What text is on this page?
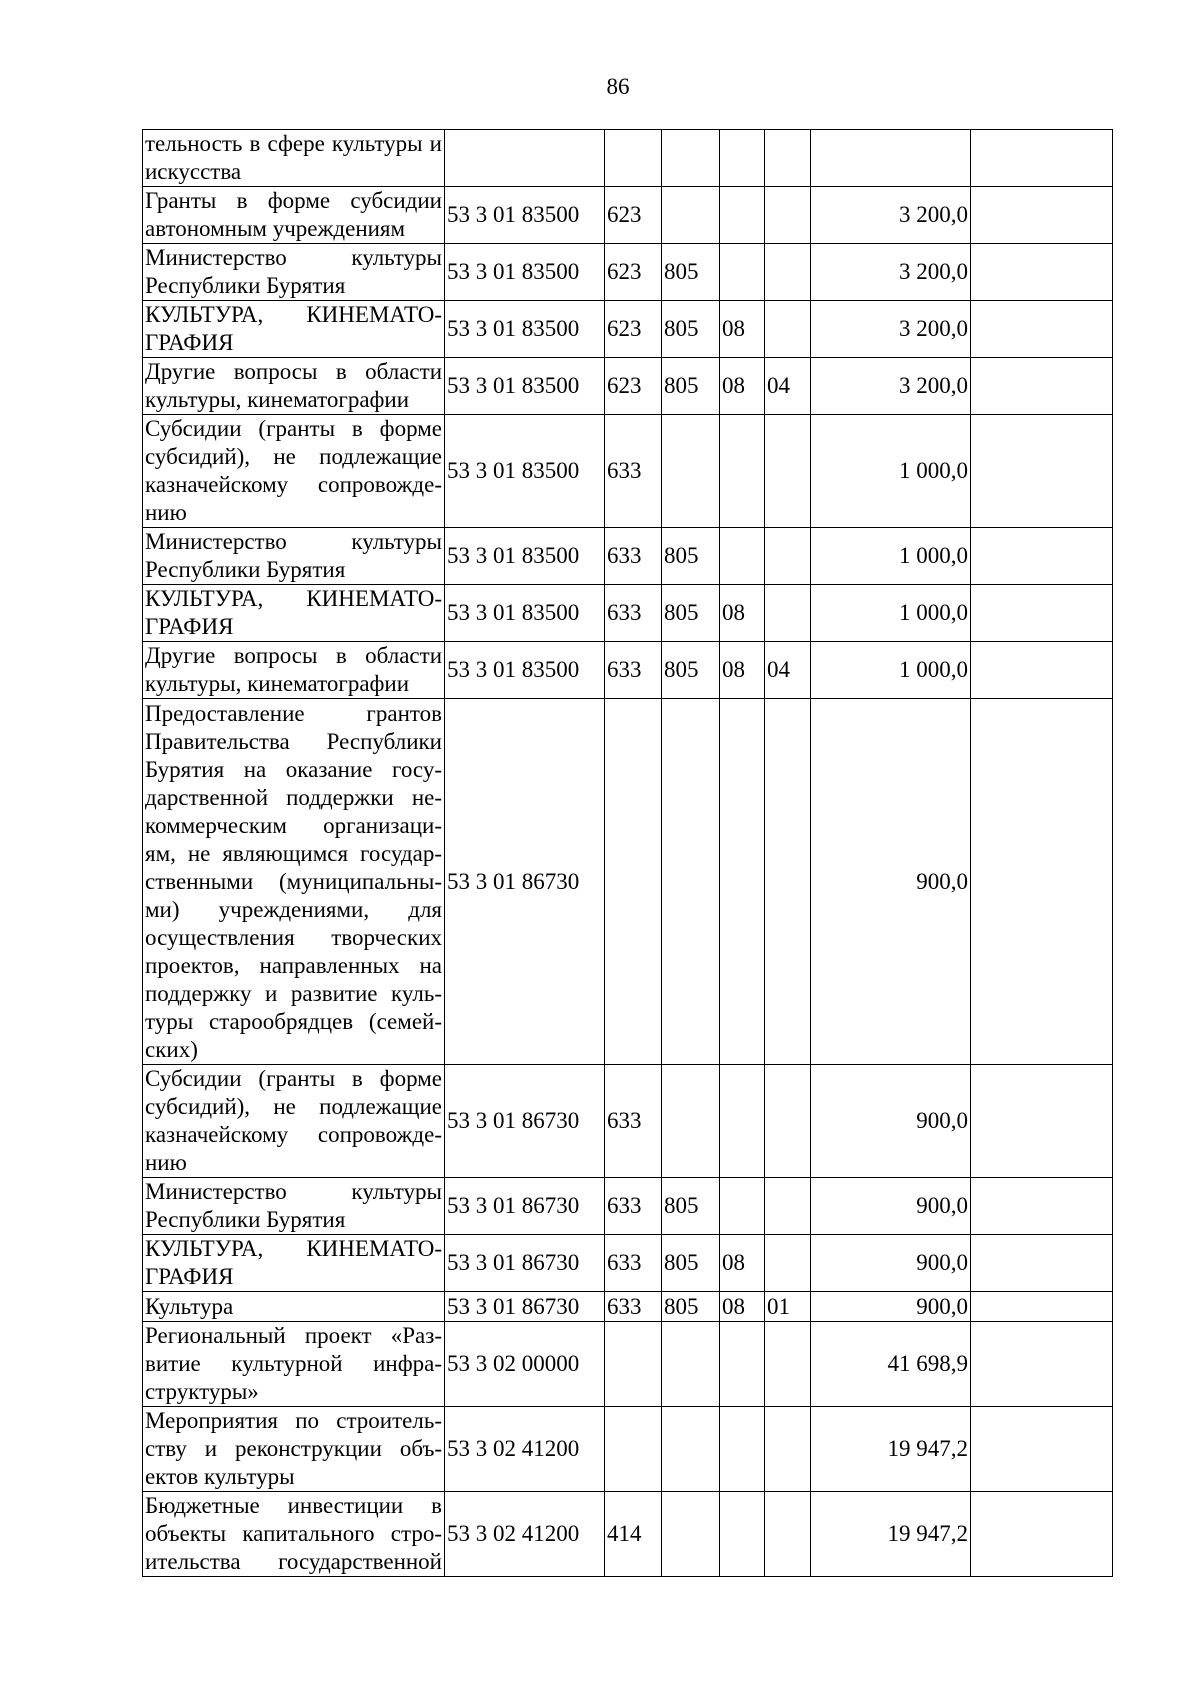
86
тельность в сфере культуры и искусства							
Гранты в форме субсидии автономным учреждениям	53 3 01 83500	623				3 200,0	
Министерство культуры Республики Бурятия	53 3 01 83500	623	805			3 200,0	
КУЛЬТУРА, КИНЕМАТО-ГРАФИЯ	53 3 01 83500	623	805	08		3 200,0	
Другие вопросы в области культуры, кинематографии	53 3 01 83500	623	805	08	04	3 200,0	
Субсидии (гранты в форме субсидий), не подлежащие казначейскому сопровожде-нию	53 3 01 83500	633				1 000,0	
Министерство культуры Республики Бурятия	53 3 01 83500	633	805			1 000,0	
КУЛЬТУРА, КИНЕМАТО-ГРАФИЯ	53 3 01 83500	633	805	08		1 000,0	
Другие вопросы в области культуры, кинематографии	53 3 01 83500	633	805	08	04	1 000,0	
Предоставление грантов Правительства Республики Бурятия на оказание госу-дарственной поддержки не-коммерческим организаци-ям, не являющимся государ-ственными (муниципальны-ми) учреждениями, для осуществления творческих проектов, направленных на поддержку и развитие куль-туры старообрядцев (семей-ских)	53 3 01 86730					900,0	
Субсидии (гранты в форме субсидий), не подлежащие казначейскому сопровожде-нию	53 3 01 86730	633				900,0	
Министерство культуры Республики Бурятия	53 3 01 86730	633	805			900,0	
КУЛЬТУРА, КИНЕМАТО-ГРАФИЯ	53 3 01 86730	633	805	08		900,0	
Культура	53 3 01 86730	633	805	08	01	900,0	
Региональный проект «Раз-витие культурной инфра-структуры»	53 3 02 00000					41 698,9	
Мероприятия по строитель-ству и реконструкции объ-ектов культуры	53 3 02 41200					19 947,2	
Бюджетные инвестиции в объекты капитального стро-ительства государственной	53 3 02 41200	414				19 947,2	
